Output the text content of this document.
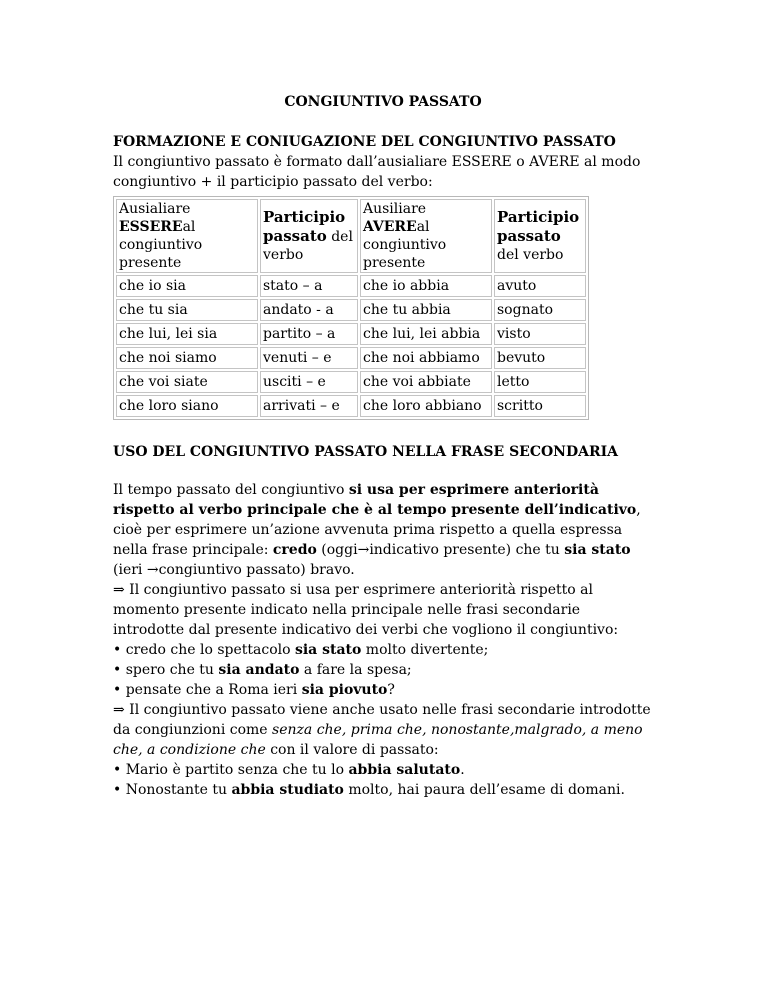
CONGIUNTIVO PASSATO

FORMAZIONE E CONIUGAZIONE DEL CONGIUNTIVO PASSATO

Il congiuntivo passato è formato dall’ausialiare ESSERE o AVERE al modo

congiuntivo + il participio passato del verbo:

Ausialiare ESSEREal congiuntivo presente	Participio passato del verbo	Ausiliare AVEREal congiuntivo presente	Participio passato del verbo
che io sia	stato – a	che io abbia	avuto
che tu sia	andato - a	che tu abbia	sognato
che lui, lei sia	partito – a	che lui, lei abbia	visto
che noi siamo	venuti – e	che noi abbiamo	bevuto
che voi siate	usciti – e	che voi abbiate	letto
che loro siano	arrivati – e	che loro abbiano	scritto

USO DEL CONGIUNTIVO PASSATO NELLA FRASE SECONDARIA

Il tempo passato del congiuntivo si usa per esprimere anteriorità rispetto al verbo principale che è al tempo presente dell’indicativo, cioè per esprimere un’azione avvenuta prima rispetto a quella espressa nella frase principale: credo (oggi→indicativo presente) che tu sia stato (ieri →congiuntivo passato) bravo.

⇒ Il congiuntivo passato si usa per esprimere anteriorità rispetto al momento presente indicato nella principale nelle frasi secondarie introdotte dal presente indicativo dei verbi che vogliono il congiuntivo:

• credo che lo spettacolo sia stato molto divertente;

• spero che tu sia andato a fare la spesa;

• pensate che a Roma ieri sia piovuto?

⇒ Il congiuntivo passato viene anche usato nelle frasi secondarie introdotte da congiunzioni come senza che, prima che, nonostante,malgrado, a meno che, a condizione che con il valore di passato:

• Mario è partito senza che tu lo abbia salutato.

• Nonostante tu abbia studiato molto, hai paura dell’esame di domani.
